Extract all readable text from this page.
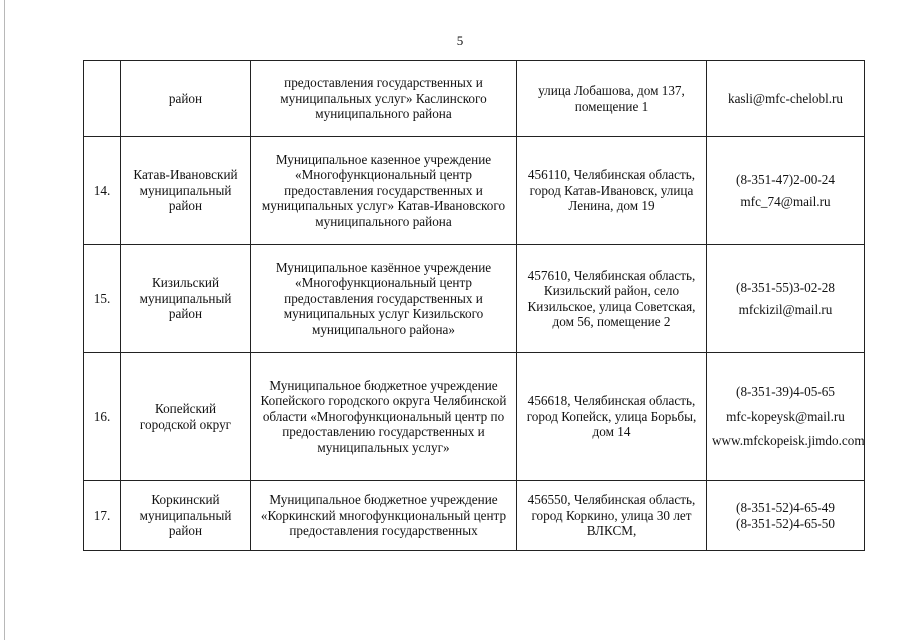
5
	район	предоставления государственных и муниципальных услуг» Каслинского муниципального района	улица Лобашова, дом 137, помещение 1	kasli@mfc-chelobl.ru

14.	Катав-Ивановский муниципальный район	Муниципальное казенное учреждение «Многофункциональный центр предоставления государственных и муниципальных услуг» Катав-Ивановского муниципального района	456110, Челябинская область, город Катав-Ивановск, улица Ленина, дом 19	(8-351-47)2-00-24
mfc_74@mail.ru

15.	Кизильский муниципальный район	Муниципальное казённое учреждение «Многофункциональный центр предоставления государственных и муниципальных услуг Кизильского муниципального района»	457610, Челябинская область, Кизильский район, село Кизильское, улица Советская, дом 56, помещение 2	(8-351-55)3-02-28
mfckizil@mail.ru

16.	Копейский городской округ	Муниципальное бюджетное учреждение Копейского городского округа Челябинской области «Многофункциональный центр по предоставлению государственных и муниципальных услуг»	456618, Челябинская область, город Копейск, улица Борьбы, дом 14	(8-351-39)4-05-65
mfc-kopeysk@mail.ru
www.mfckopeisk.jimdo.com

17.	Коркинский муниципальный район	Муниципальное бюджетное учреждение «Коркинский многофункциональный центр предоставления государственных	456550, Челябинская область, город Коркино, улица 30 лет ВЛКСМ,	(8-351-52)4-65-49
(8-351-52)4-65-50
